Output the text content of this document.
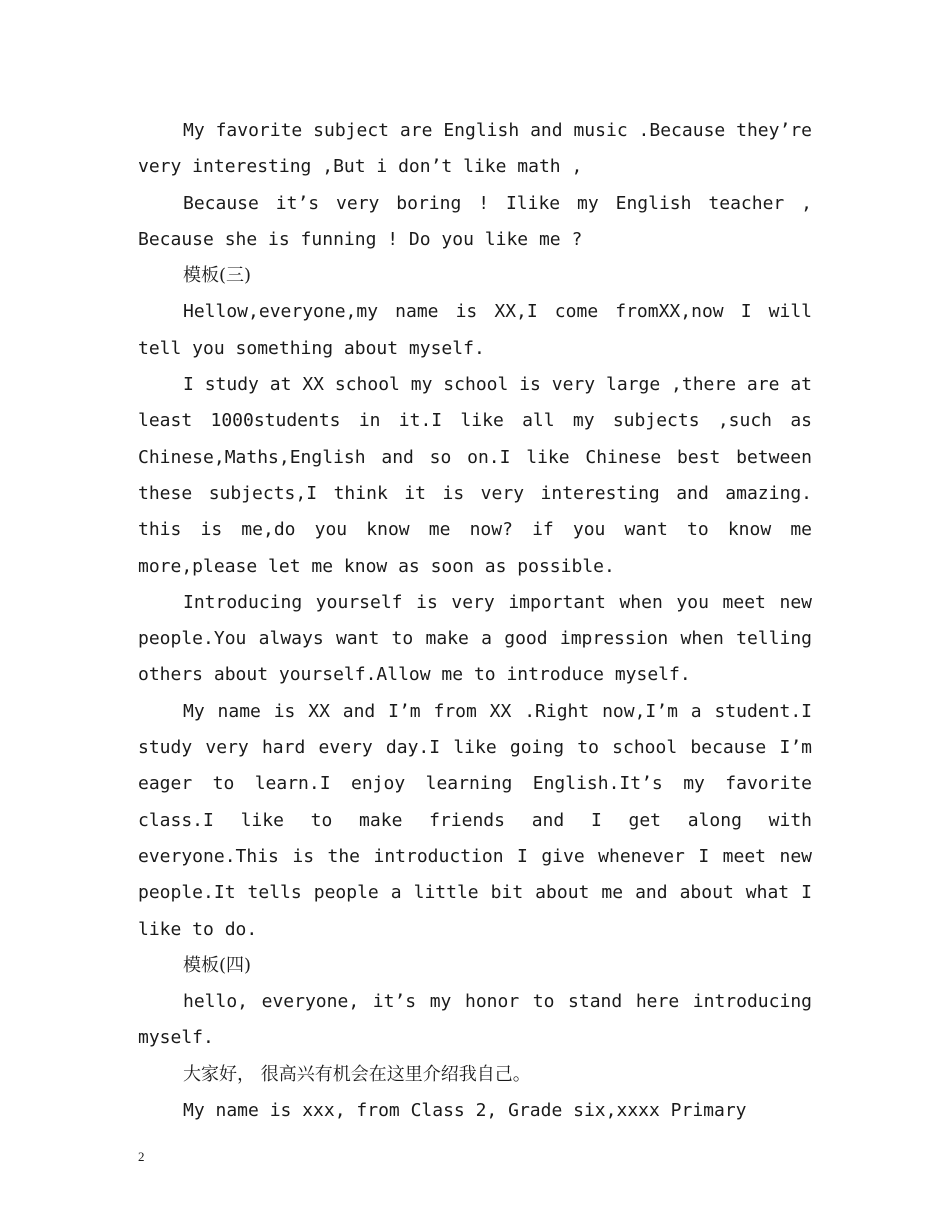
My favorite subject are English and music .Because they’re very interesting ,But i don’t like math ,

Because it’s very boring ! Ilike my English teacher , Because she is funning ! Do you like me ?

模板(三)

Hellow,everyone,my name is XX,I come fromXX,now I will tell you something about myself.

I study at XX school my school is very large ,there are at least 1000students in it.I like all my subjects ,such as Chinese,Maths,English and so on.I like Chinese best between these subjects,I think it is very interesting and amazing. this is me,do you know me now? if you want to know me more,please let me know as soon as possible.

Introducing yourself is very important when you meet new people.You always want to make a good impression when telling others about yourself.Allow me to introduce myself.

My name is XX and I’m from XX .Right now,I’m a student.I study very hard every day.I like going to school because I’m eager to learn.I enjoy learning English.It’s my favorite class.I like to make friends and I get along with everyone.This is the introduction I give whenever I meet new people.It tells people a little bit about me and about what I like to do.

模板(四)

hello, everyone, it’s my honor to stand here introducing myself.

大家好， 很高兴有机会在这里介绍我自己。

My name is xxx, from Class 2, Grade six,xxxx Primary

2
